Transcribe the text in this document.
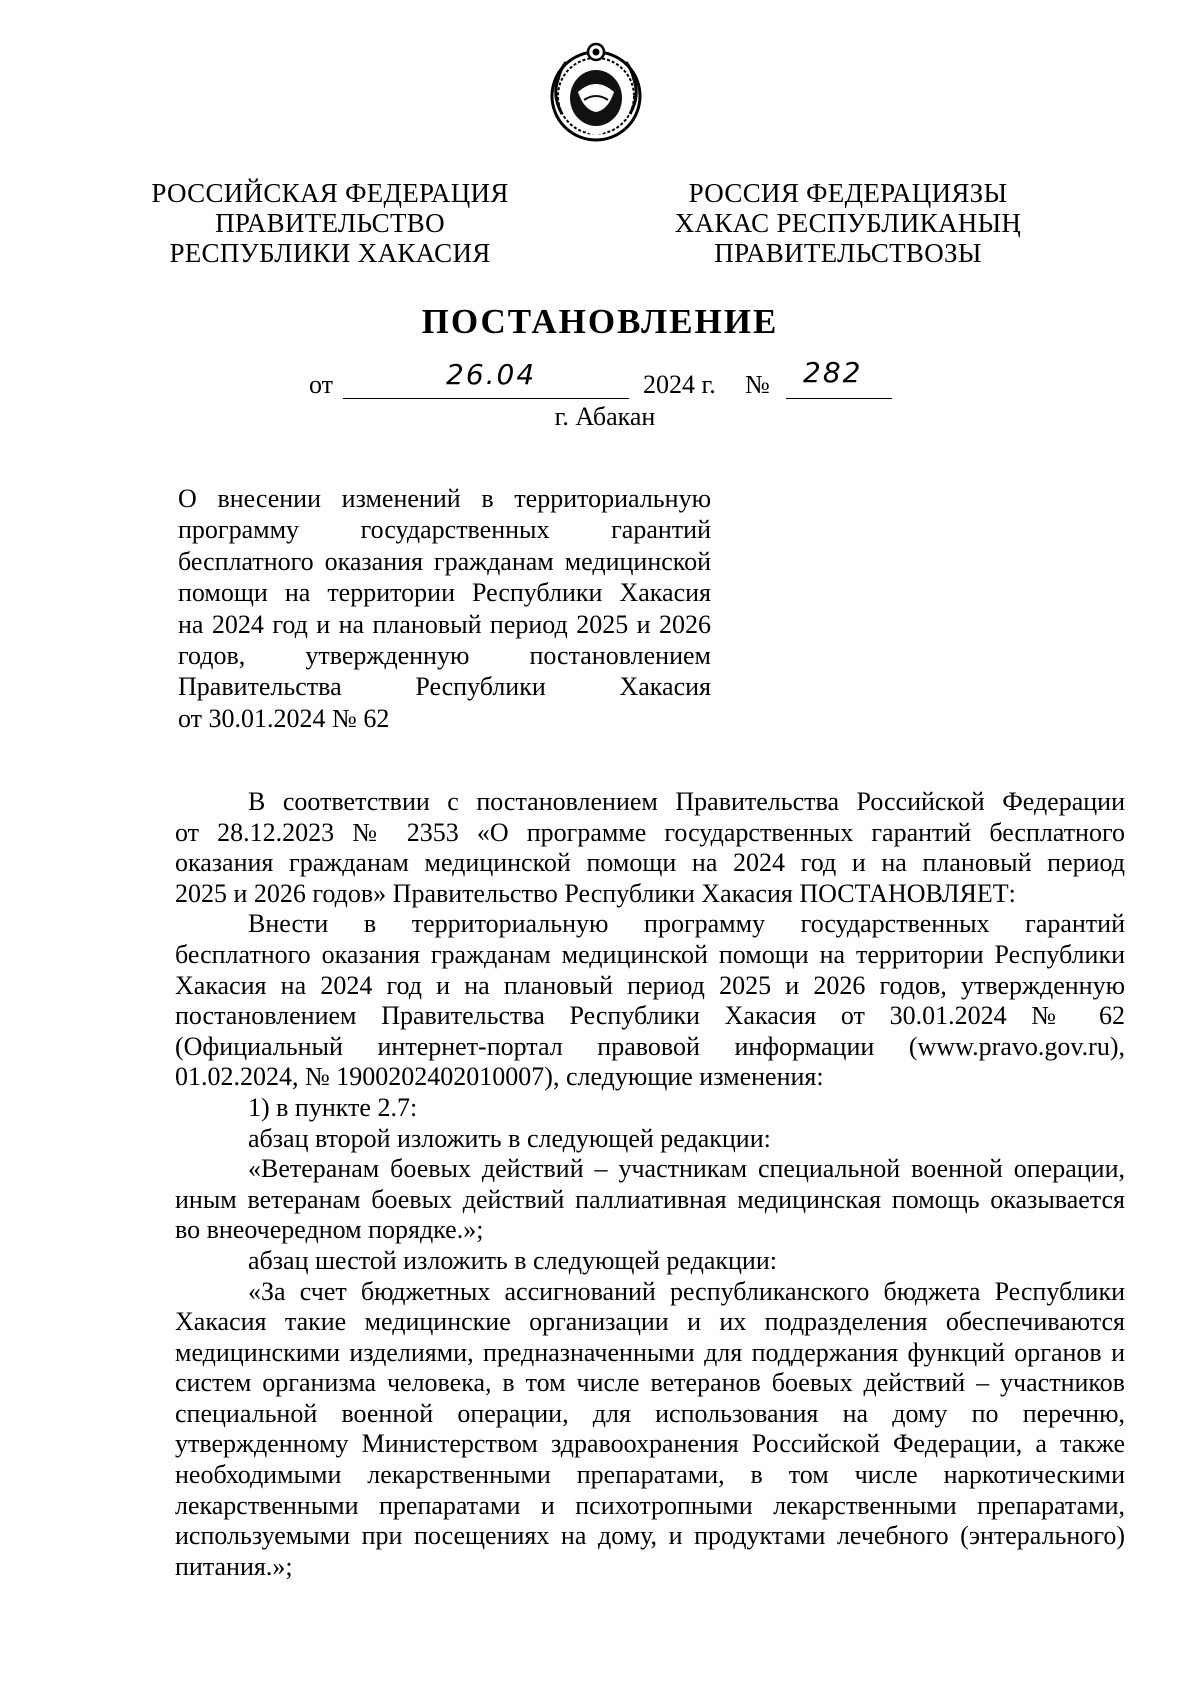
РОССИЙСКАЯ ФЕДЕРАЦИЯ
ПРАВИТЕЛЬСТВО
РЕСПУБЛИКИ ХАКАСИЯ
РОССИЯ ФЕДЕРАЦИЯЗЫ
ХАКАС РЕСПУБЛИКАНЫҢ
ПРАВИТЕЛЬСТВОЗЫ
ПОСТАНОВЛЕНИЕ
от	26.04	2024 г. № 282
г. Абакан
О внесении изменений в территориальную
программу государственных гарантий
бесплатного оказания гражданам медицинской
помощи на территории Республики Хакасия
на 2024 год и на плановый период 2025 и 2026
годов, утвержденную постановлением
Правительства Республики Хакасия
от 30.01.2024 № 62
В соответствии с постановлением Правительства Российской Федерации
от 28.12.2023 № 2353 «О программе государственных гарантий бесплатного
оказания гражданам медицинской помощи на 2024 год и на плановый период
2025 и 2026 годов» Правительство Республики Хакасия ПОСТАНОВЛЯЕТ:
Внести в территориальную программу государственных гарантий
бесплатного оказания гражданам медицинской помощи на территории Республики
Хакасия на 2024 год и на плановый период 2025 и 2026 годов, утвержденную
постановлением Правительства Республики Хакасия от 30.01.2024 № 62
(Официальный интернет-портал правовой информации (www.pravo.gov.ru),
01.02.2024, № 1900202402010007), следующие изменения:
1) в пункте 2.7:
абзац второй изложить в следующей редакции:
«Ветеранам боевых действий – участникам специальной военной операции,
иным ветеранам боевых действий паллиативная медицинская помощь оказывается
во внеочередном порядке.»;
абзац шестой изложить в следующей редакции:
«За счет бюджетных ассигнований республиканского бюджета Республики
Хакасия такие медицинские организации и их подразделения обеспечиваются
медицинскими изделиями, предназначенными для поддержания функций органов и
систем организма человека, в том числе ветеранов боевых действий – участников
специальной военной операции, для использования на дому по перечню,
утвержденному Министерством здравоохранения Российской Федерации, а также
необходимыми лекарственными препаратами, в том числе наркотическими
лекарственными препаратами и психотропными лекарственными препаратами,
используемыми при посещениях на дому, и продуктами лечебного (энтерального)
питания.»;
